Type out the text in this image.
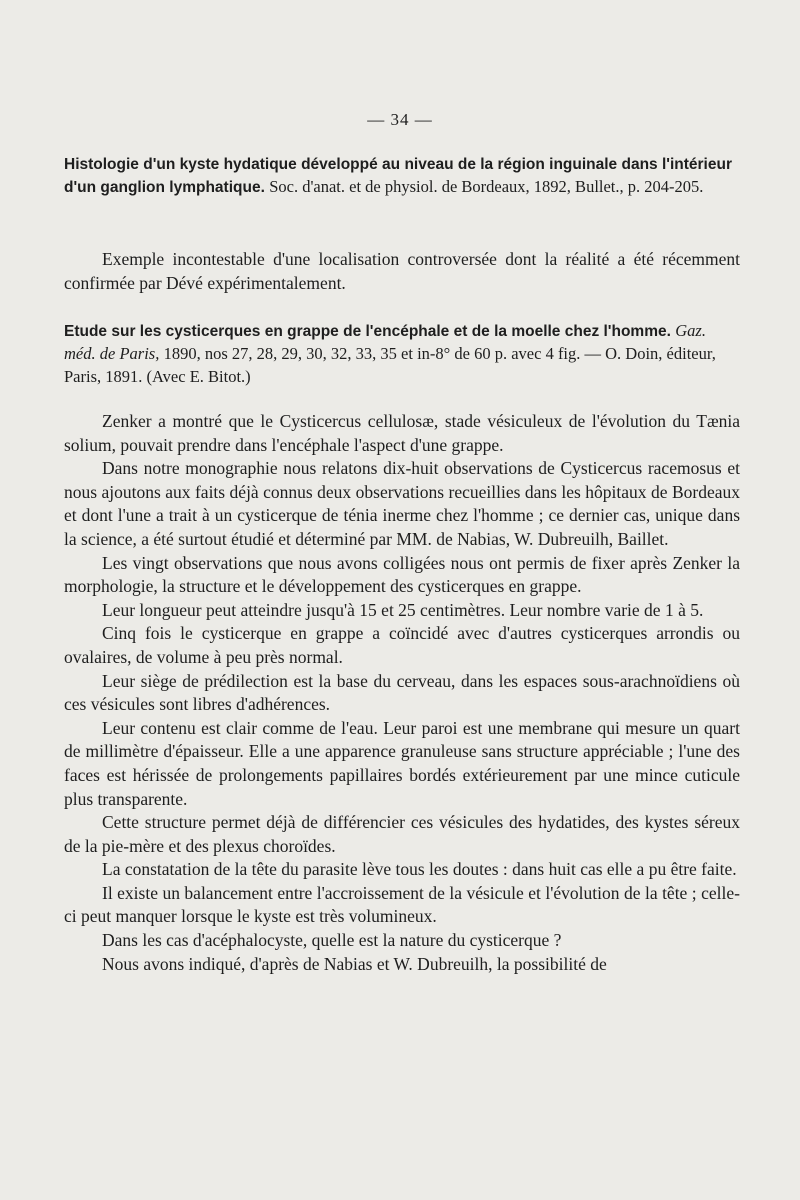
— 34 —
Histologie d'un kyste hydatique développé au niveau de la région inguinale dans l'intérieur d'un ganglion lymphatique. Soc. d'anat. et de physiol. de Bordeaux, 1892, Bullet., p. 204-205.
Exemple incontestable d'une localisation controversée dont la réalité a été récemment confirmée par Dévé expérimentalement.
Etude sur les cysticerques en grappe de l'encéphale et de la moelle chez l'homme. Gaz. méd. de Paris, 1890, nos 27, 28, 29, 30, 32, 33, 35 et in-8° de 60 p. avec 4 fig. — O. Doin, éditeur, Paris, 1891. (Avec E. Bitot.)

Zenker a montré que le Cysticercus cellulosæ, stade vésiculeux de l'évolution du Tænia solium, pouvait prendre dans l'encéphale l'aspect d'une grappe.

Dans notre monographie nous relatons dix-huit observations de Cysticercus racemosus et nous ajoutons aux faits déjà connus deux observations recueillies dans les hôpitaux de Bordeaux et dont l'une a trait à un cysticerque de ténia inerme chez l'homme ; ce dernier cas, unique dans la science, a été surtout étudié et déterminé par MM. de Nabias, W. Dubreuilh, Baillet.

Les vingt observations que nous avons colligées nous ont permis de fixer après Zenker la morphologie, la structure et le développement des cysticerques en grappe.

Leur longueur peut atteindre jusqu'à 15 et 25 centimètres. Leur nombre varie de 1 à 5.

Cinq fois le cysticerque en grappe a coïncidé avec d'autres cysticerques arrondis ou ovalaires, de volume à peu près normal.

Leur siège de prédilection est la base du cerveau, dans les espaces sous-arachnoïdiens où ces vésicules sont libres d'adhérences.

Leur contenu est clair comme de l'eau. Leur paroi est une membrane qui mesure un quart de millimètre d'épaisseur. Elle a une apparence granuleuse sans structure appréciable ; l'une des faces est hérissée de prolongements papillaires bordés extérieurement par une mince cuticule plus transparente.

Cette structure permet déjà de différencier ces vésicules des hydatides, des kystes séreux de la pie-mère et des plexus choroïdes.

La constatation de la tête du parasite lève tous les doutes : dans huit cas elle a pu être faite.

Il existe un balancement entre l'accroissement de la vésicule et l'évolution de la tête ; celle-ci peut manquer lorsque le kyste est très volumineux.

Dans les cas d'acéphalocyste, quelle est la nature du cysticerque ?

Nous avons indiqué, d'après de Nabias et W. Dubreuilh, la possibilité de
